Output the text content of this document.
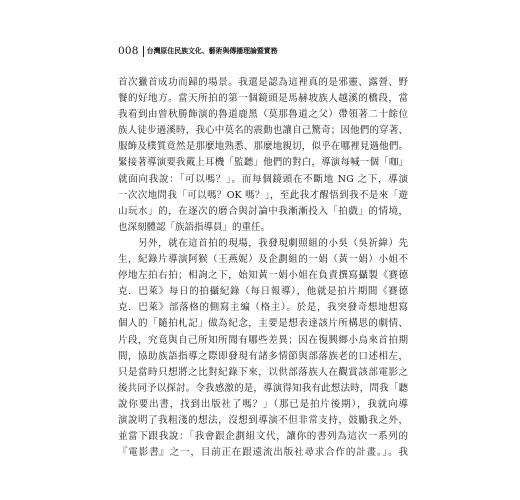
008	台灣原住民族文化、藝術與傳播理論暨實務
首次獵首成功而歸的場景。我還是認為這裡真的是邪靈、露營、野
餐的好地方。當天所拍的第一個鏡頭是馬赫坡族人越溪的橋段，當
我看到由曾秋勝飾演的魯道鹿黑（莫那魯道之父）帶領著二十餘位
族人徒步過溪時，我心中莫名的震動也讓自己驚奇；因他們的穿著、
服飾及樸質竟然是那麼地熟悉、那麼地親切，似乎在哪裡見過他們。
緊接著導演要我戴上耳機「監聽」他們的對白，導演每喊一個「咖」
就面向我說：「可以嗎？」。而每個鏡頭在不斷地 NG 之下，導演
一次次地問我「可以嗎？OK 嗎？」，至此我才醒悟到我不是來「遊
山玩水」的，在逐次的磨合與討論中我漸漸投入「拍戲」的情境，
也深刻體認「族語指導員」的重任。
　　另外，就在這首拍的現場，我發現劇照組的小吳（吳祈緯）先
生，紀錄片導演阿猴（王燕妮）及企劃組的一娟（黃一娟）小姐不
停地左拍右拍；相詢之下，始知黃一娟小姐在負責撰寫攝製《賽德
克．巴萊》每日的拍攝紀錄（每日報導），他就是拍片期間《賽德
克．巴萊》部落格的側寫主編（格主）。於是，我突發奇想地想寫
個人的「隨拍札記」做為紀念，主要是想表達該片所構思的劇情、
片段，究竟與自己所知所聞有哪些差異；因在復興鄉小烏來首拍期
間，協助族語指導之際即發現有諸多情節與部落族老的口述相左，
只是當時只想將之比對紀錄下來，以供部落族人在觀賞該部電影之
後共同予以探討。令我感激的是，導演得知我有此想法時，問我「聽
說你要出書，找到出版社了嗎？」（那已是拍片後期），我就向導
演說明了我粗淺的想法，沒想到導演不但非常支持，鼓勵我之外，
並當下跟我說：「我會跟企劃組文代，讓你的書列為這次一系列的
『電影書』之一，目前正在跟遠流出版社尋求合作的計畫。」。我
